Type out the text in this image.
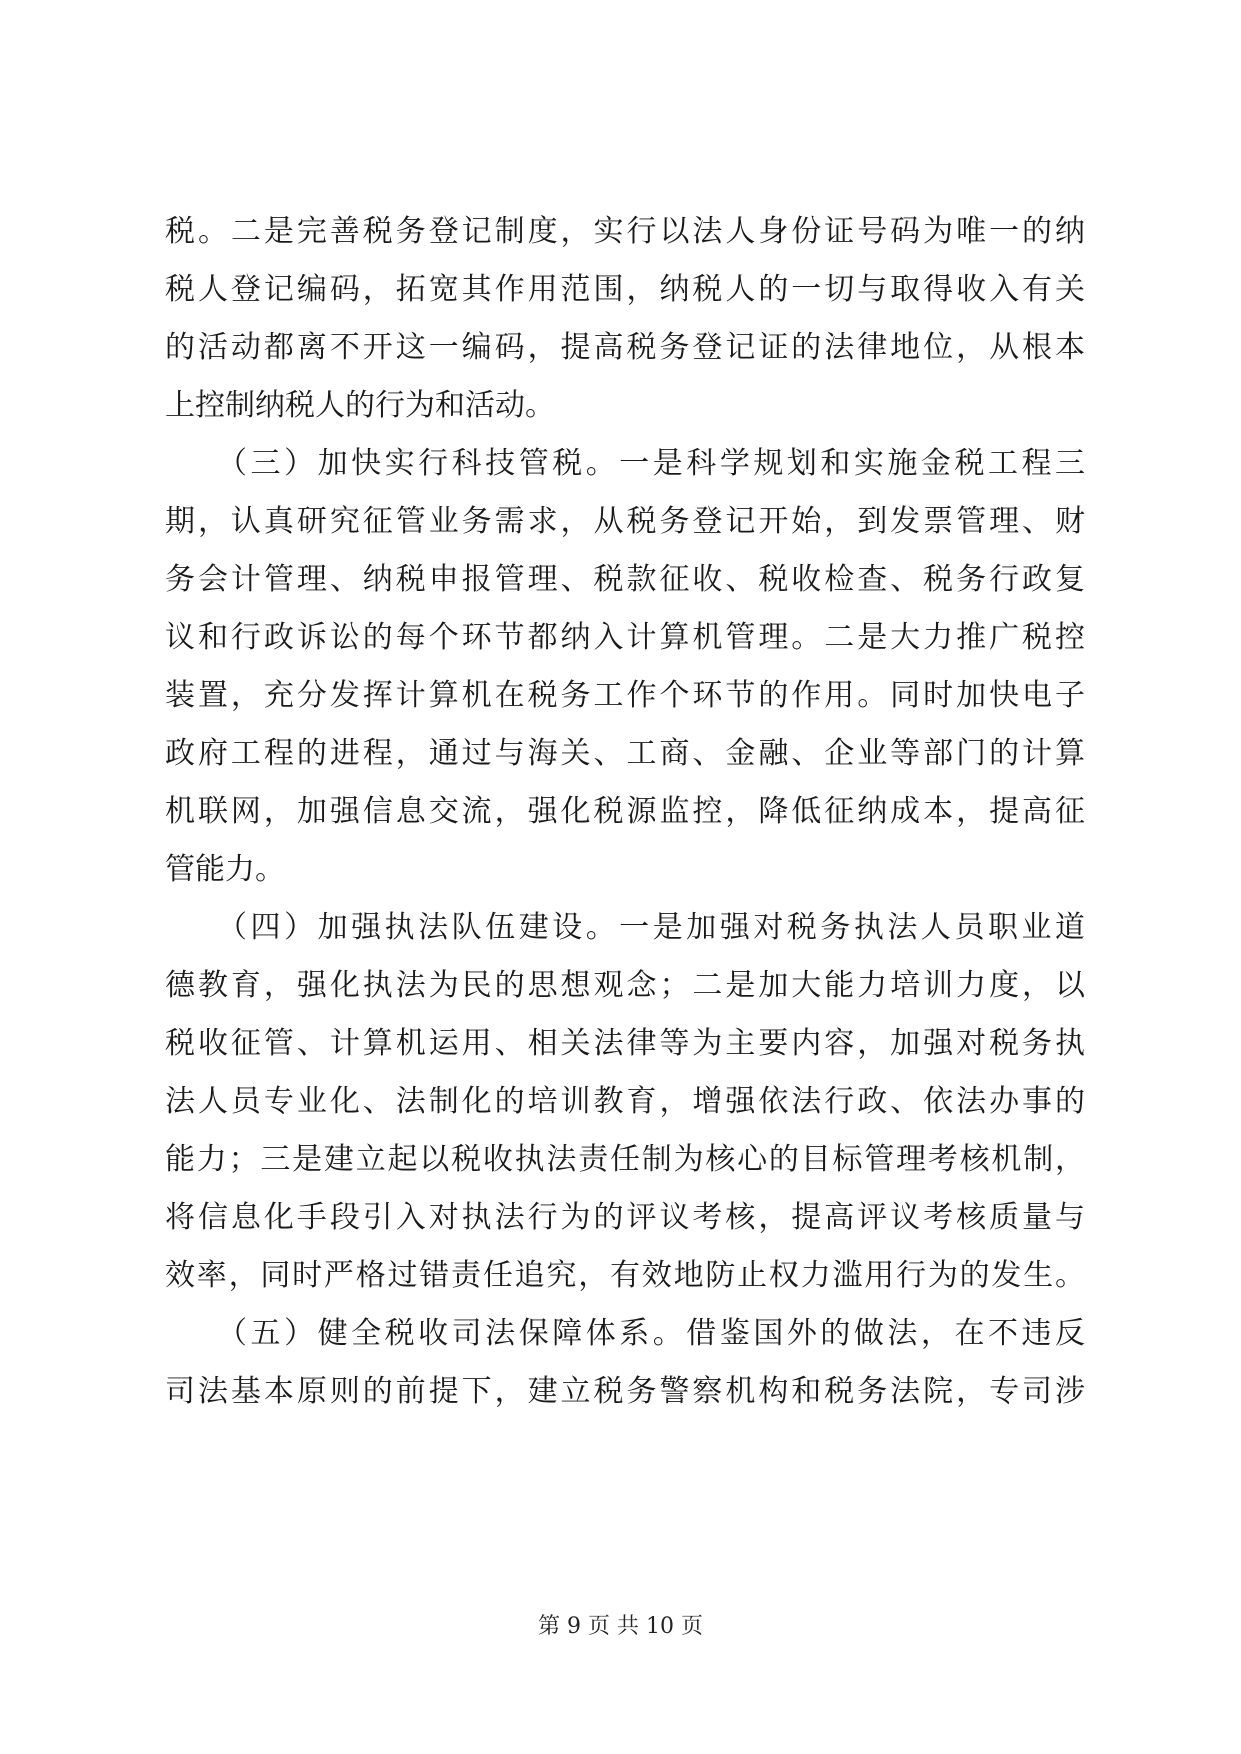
税。二是完善税务登记制度，实行以法人身份证号码为唯一的纳
税人登记编码，拓宽其作用范围，纳税人的一切与取得收入有关
的活动都离不开这一编码，提高税务登记证的法律地位，从根本
上控制纳税人的行为和活动。
　　（三）加快实行科技管税。一是科学规划和实施金税工程三
期，认真研究征管业务需求，从税务登记开始，到发票管理、财
务会计管理、纳税申报管理、税款征收、税收检查、税务行政复
议和行政诉讼的每个环节都纳入计算机管理。二是大力推广税控
装置，充分发挥计算机在税务工作个环节的作用。同时加快电子
政府工程的进程，通过与海关、工商、金融、企业等部门的计算
机联网，加强信息交流，强化税源监控，降低征纳成本，提高征
管能力。
　　（四）加强执法队伍建设。一是加强对税务执法人员职业道
德教育，强化执法为民的思想观念；二是加大能力培训力度，以
税收征管、计算机运用、相关法律等为主要内容，加强对税务执
法人员专业化、法制化的培训教育，增强依法行政、依法办事的
能力；三是建立起以税收执法责任制为核心的目标管理考核机制，
将信息化手段引入对执法行为的评议考核，提高评议考核质量与
效率，同时严格过错责任追究，有效地防止权力滥用行为的发生。
　　（五）健全税收司法保障体系。借鉴国外的做法，在不违反
司法基本原则的前提下，建立税务警察机构和税务法院，专司涉
第 9 页 共 10 页
